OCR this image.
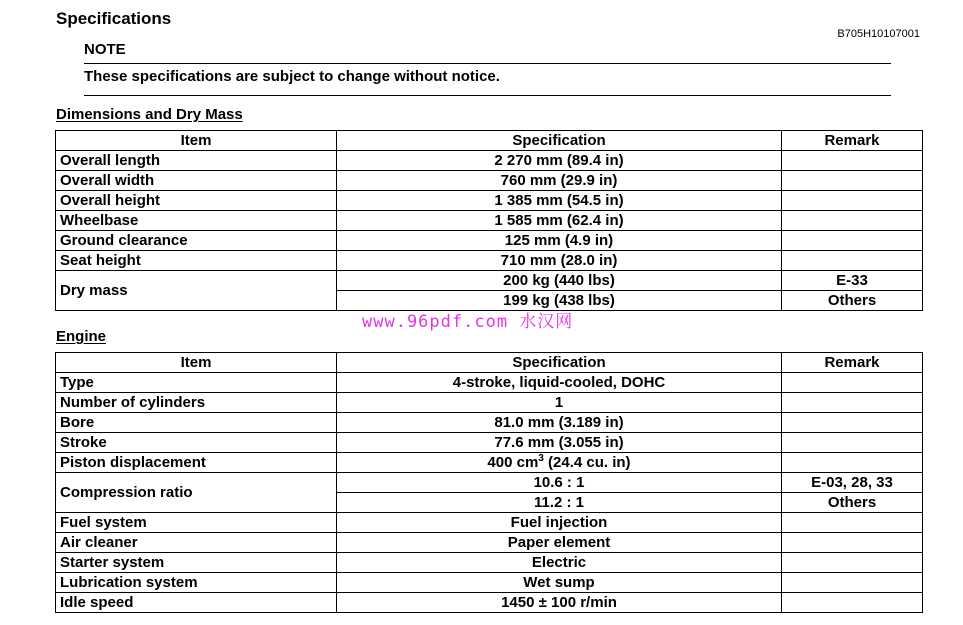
Specifications
B705H10107001
NOTE
These specifications are subject to change without notice.
Dimensions and Dry Mass
Item	Specification	Remark
Overall length	2 270 mm (89.4 in)	
Overall width	760 mm (29.9 in)	
Overall height	1 385 mm (54.5 in)	
Wheelbase	1 585 mm (62.4 in)	
Ground clearance	125 mm (4.9 in)	
Seat height	710 mm (28.0 in)	
Dry mass	200 kg (440 lbs)	E-33
	199 kg (438 lbs)	Others
www.96pdf.com 水汉网
Engine
Item	Specification	Remark
Type	4-stroke, liquid-cooled, DOHC	
Number of cylinders	1	
Bore	81.0 mm (3.189 in)	
Stroke	77.6 mm (3.055 in)	
Piston displacement	400 $cm^3$ (24.4 cu. in)	
Compression ratio	10.6 : 1	E-03, 28, 33
	11.2 : 1	Others
Fuel system	Fuel injection	
Air cleaner	Paper element	
Starter system	Electric	
Lubrication system	Wet sump	
Idle speed	1450 ± 100 r/min	
